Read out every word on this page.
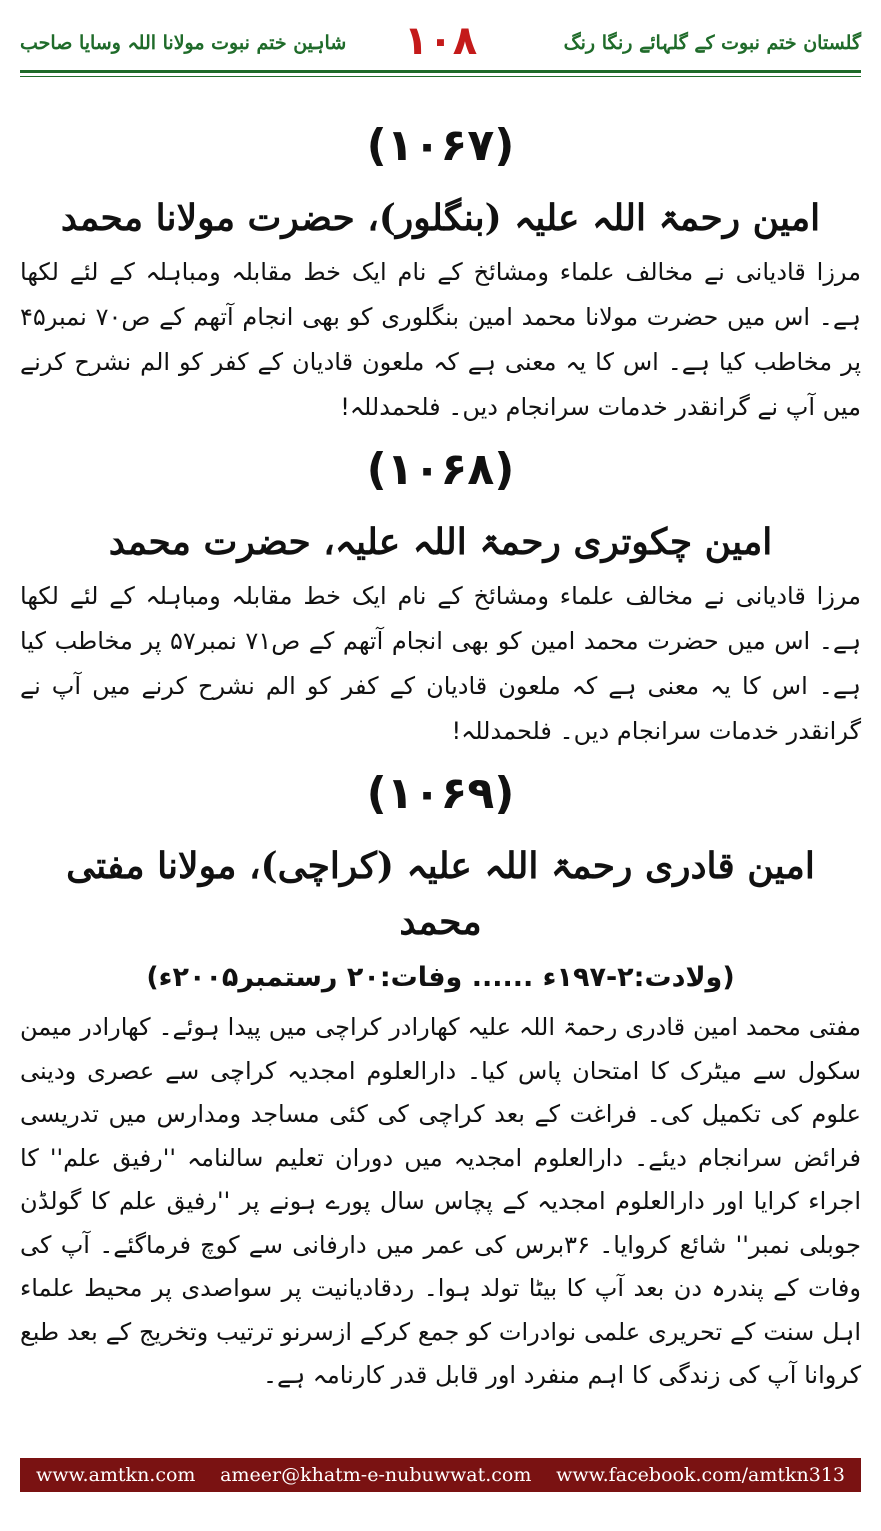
گلستان ختم نبوت کے گلہائے رنگا رنگ
۱۰۸
شاہین ختم نبوت مولانا اللہ وسایا صاحب
(۱۰۶۷)
امین رحمۃ اللہ علیہ (بنگلور)، حضرت مولانا محمد

مرزا قادیانی نے مخالف علماء ومشائخ کے نام ایک خط مقابلہ ومباہلہ کے لئے لکھا ہے۔ اس میں حضرت مولانا محمد امین بنگلوری کو بھی انجام آتھم کے ص۷۰ نمبر۴۵ پر مخاطب کیا ہے۔ اس کا یہ معنی ہے کہ ملعون قادیان کے کفر کو الم نشرح کرنے میں آپ نے گرانقدر خدمات سرانجام دیں۔ فلحمدللہ!

(۱۰۶۸)
امین چکوتری رحمۃ اللہ علیہ، حضرت محمد

مرزا قادیانی نے مخالف علماء ومشائخ کے نام ایک خط مقابلہ ومباہلہ کے لئے لکھا ہے۔ اس میں حضرت محمد امین کو بھی انجام آتھم کے ص۷۱ نمبر۵۷ پر مخاطب کیا ہے۔ اس کا یہ معنی ہے کہ ملعون قادیان کے کفر کو الم نشرح کرنے میں آپ نے گرانقدر خدمات سرانجام دیں۔ فلحمدللہ!

(۱۰۶۹)
امین قادری رحمۃ اللہ علیہ (کراچی)، مولانا مفتی محمد
(ولادت:۲-۱۹۷ء ...... وفات:۲۰ رستمبر۲۰۰۵ء)

مفتی محمد امین قادری رحمۃ اللہ علیہ کھارادر کراچی میں پیدا ہوئے۔ کھارادر میمن سکول سے میٹرک کا امتحان پاس کیا۔ دارالعلوم امجدیہ کراچی سے عصری ودینی علوم کی تکمیل کی۔ فراغت کے بعد کراچی کی کئی مساجد ومدارس میں تدریسی فرائض سرانجام دیئے۔ دارالعلوم امجدیہ میں دوران تعلیم سالنامہ ''رفیق علم'' کا اجراء کرایا اور دارالعلوم امجدیہ کے پچاس سال پورے ہونے پر ''رفیق علم کا گولڈن جوبلی نمبر'' شائع کروایا۔ ۳۶برس کی عمر میں دارفانی سے کوچ فرماگئے۔ آپ کی وفات کے پندرہ دن بعد آپ کا بیٹا تولد ہوا۔ ردقادیانیت پر سواصدی پر محیط علماء اہل سنت کے تحریری علمی نوادرات کو جمع کرکے ازسرنو ترتیب وتخریج کے بعد طبع کروانا آپ کی زندگی کا اہم منفرد اور قابل قدر کارنامہ ہے۔

www.amtkn.com ameer@khatm-e-nubuwwat.com www.facebook.com/amtkn313
